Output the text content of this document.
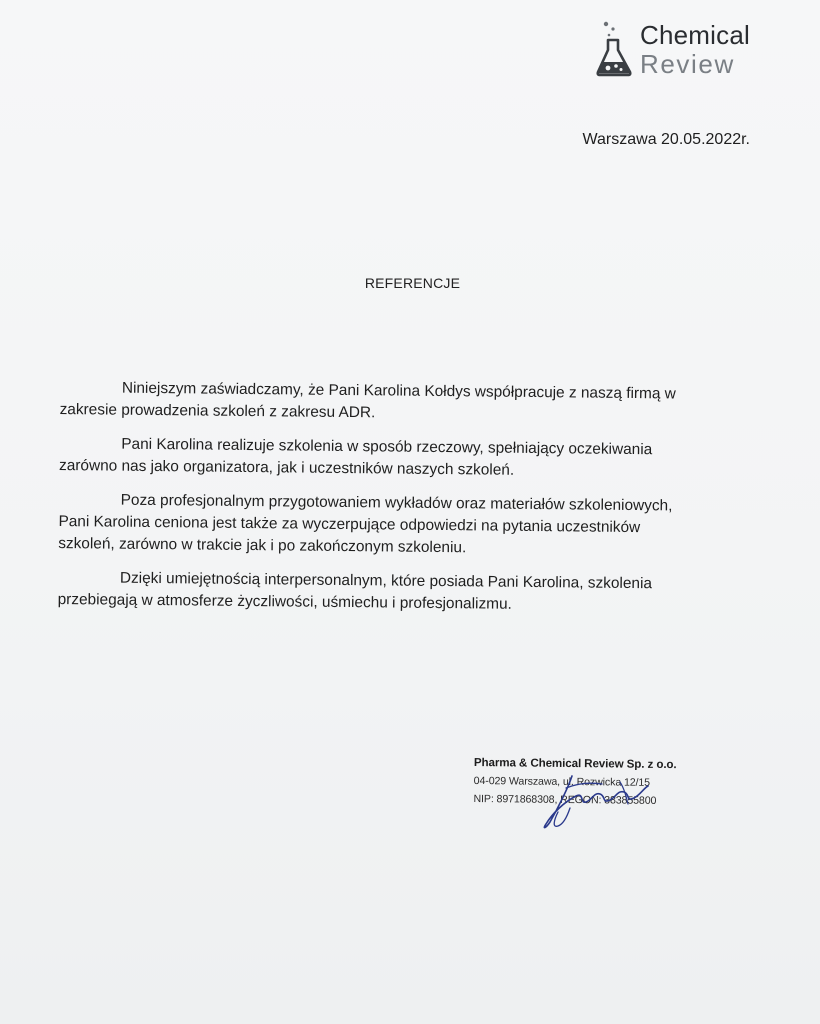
Chemical
Review
Warszawa 20.05.2022r.
REFERENCJE

Niniejszym zaświadczamy, że Pani Karolina Kołdys współpracuje z naszą firmą w zakresie prowadzenia szkoleń z zakresu ADR.

Pani Karolina realizuje szkolenia w sposób rzeczowy, spełniający oczekiwania zarówno nas jako organizatora, jak i uczestników naszych szkoleń.

Poza profesjonalnym przygotowaniem wykładów oraz materiałów szkoleniowych, Pani Karolina ceniona jest także za wyczerpujące odpowiedzi na pytania uczestników szkoleń, zarówno w trakcie jak i po zakończonym szkoleniu.

Dzięki umiejętnością interpersonalnym, które posiada Pani Karolina, szkolenia przebiegają w atmosferze życzliwości, uśmiechu i profesjonalizmu.

Pharma & Chemical Review Sp. z o.o.
04-029 Warszawa, ul. Rozwicka 12/15
NIP: 8971868308, REGON: 383855800
